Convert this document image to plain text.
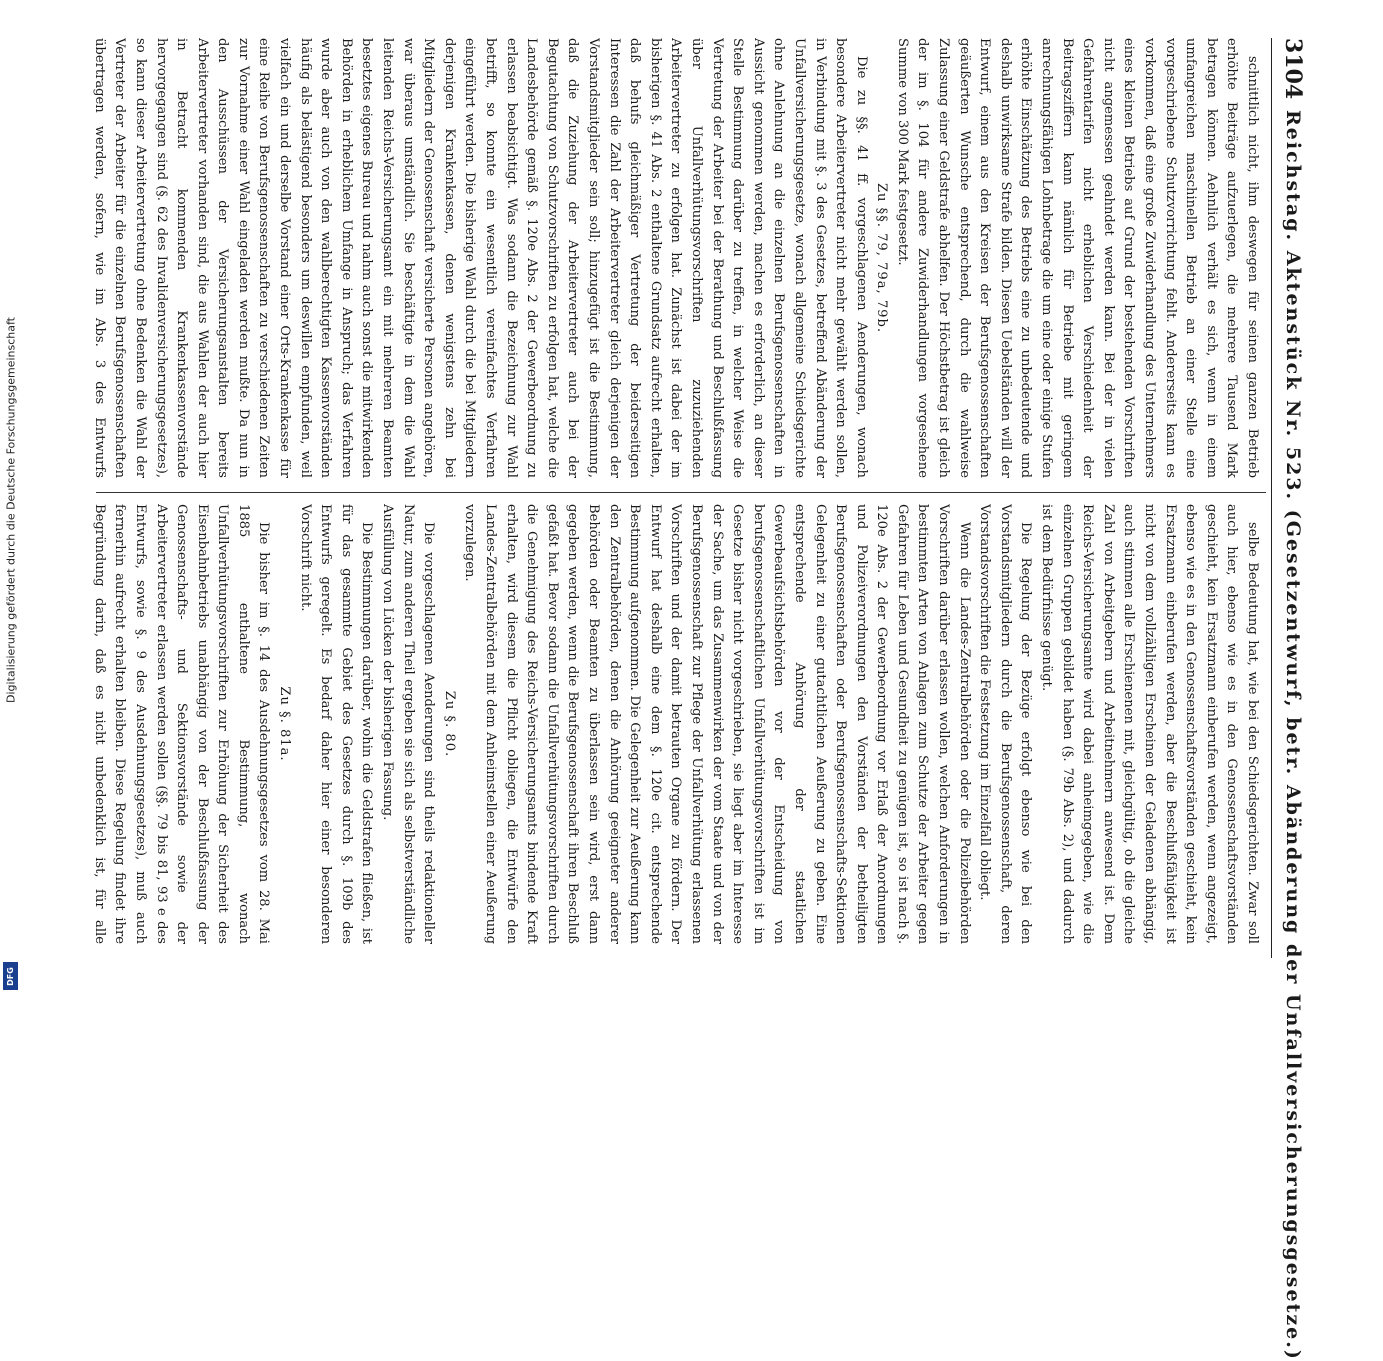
Digitalisierung gefördert durch die Deutsche Forschungsgemeinschaft
DFG
3104
Reichstag. Aktenstück Nr. 523. (Gesetzentwurf, betr. Abänderung der Unfallversicherungsgesetze.)

schnittlich nicht, ihm deswegen für seinen ganzen Betrieb erhöhte Beiträge aufzuerlegen, die mehrere Tausend Mark betragen können. Aehnlich verhält es sich, wenn in einem umfangreichen maschinellen Betrieb an einer Stelle eine vorgeschriebene Schutzvorrichtung fehlt. Andererseits kann es vorkommen, daß eine große Zuwiderhandlung des Unternehmers eines kleinen Betriebs auf Grund der bestehenden Vorschriften nicht angemessen geahndet werden kann. Bei der in vielen Gefahrentarifen nicht erheblichen Verschiedenheit der Beitragsziffern kann nämlich für Betriebe mit geringem anrechnungsfähigen Lohnbetrage die um eine oder einige Stufen erhöhte Einschätzung des Betriebs eine zu unbedeutende und deshalb unwirksame Strafe bilden. Diesen Uebelständen will der Entwurf, einem aus den Kreisen der Berufsgenossenschaften geäußerten Wunsche entsprechend, durch die wahlweise Zulassung einer Geldstrafe abhelfen. Der Höchstbetrag ist gleich der im §. 104 für andere Zuwiderhandlungen vorgesehene Summe von 300 Mark festgesetzt.

Zu §§. 79, 79a, 79b.

Die zu §§. 41 ff. vorgeschlagenen Aenderungen, wonach besondere Arbeitervertreter nicht mehr gewählt werden sollen, in Verbindung mit §. 3 des Gesetzes, betreffend Abänderung der Unfallversicherungsgesetze, wonach allgemeine Schiedsgerichte ohne Anlehnung an die einzelnen Berufsgenossenschaften in Aussicht genommen werden, machen es erforderlich, an dieser Stelle Bestimmung darüber zu treffen, in welcher Weise die Vertretung der Arbeiter bei der Berathung und Beschlußfassung über Unfallverhütungsvorschriften zuzuziehenden Arbeitervertreter zu erfolgen hat. Zunächst ist dabei der im bisherigen §. 41 Abs. 2 enthaltene Grundsatz aufrecht erhalten, daß behufs gleichmäßiger Vertretung der beiderseitigen Interessen die Zahl der Arbeitervertreter gleich derjenigen der Vorstandsmitglieder sein soll; hinzugefügt ist die Bestimmung, daß die Zuziehung der Arbeitervertreter auch bei der Begutachtung von Schutzvorschriften zu erfolgen hat, welche die Landesbehörde gemäß §. 120e Abs. 2 der Gewerbeordnung zu erlassen beabsichtigt. Was sodann die Bezeichnung zur Wahl betrifft, so konnte ein wesentlich vereinfachtes Verfahren eingeführt werden. Die bisherige Wahl durch die bei Mitgliedern derjenigen Krankenkassen, denen wenigstens zehn bei Mitgliedern der Genossenschaft versicherte Personen angehören, war überaus umständlich. Sie beschäftigte in dem die Wahl leitenden Reichs-Versicherungsamt ein mit mehreren Beamten besetztes eigenes Bureau und nahm auch sonst die mitwirkenden Behörden in erheblichem Umfange in Anspruch; das Verfahren wurde aber auch von den wahlberechtigten Kassenvorständen häufig als belästigend besonders um deswillen empfunden, weil vielfach ein und derselbe Vorstand einer Orts-Krankenkasse für eine Reihe von Berufsgenossenschaften zu verschiedenen Zeiten zur Vornahme einer Wahl eingeladen werden mußte. Da nun in den Ausschüssen der Versicherungsanstalten bereits Arbeitervertreter vorhanden sind, die aus Wahlen der auch hier in Betracht kommenden Krankenkassenvorstände hervorgegangen sind (§. 62 des Invalidenversicherungsgesetzes), so kann dieser Arbeitervertretung ohne Bedenken die Wahl der Vertreter der Arbeiter für die einzelnen Berufsgenossenschaften übertragen werden, sofern, wie im Abs. 3 des Entwurfs

selbe Bedeutung hat, wie bei den Schiedsgerichten. Zwar soll auch hier, ebenso wie es in den Genossenschaftsvorständen geschieht, kein Ersatzmann einberufen werden, wenn angezeigt, ebenso wie es in den Genossenschaftsvorständen geschieht, kein Ersatzmann einberufen werden, aber die Beschlußfähigkeit ist nicht von dem vollzähligen Erscheinen der Geladenen abhängig, auch stimmen alle Erschienenen mit, gleichgültig, ob die gleiche Zahl von Arbeitgebern und Arbeitnehmern anwesend ist. Dem Reichs-Versicherungsamte wird dabei anheimgegeben, wie die einzelnen Gruppen gebildet haben (§. 79b Abs. 2), und dadurch ist dem Bedürfnisse genügt.

Die Regelung der Bezüge erfolgt ebenso wie bei den Vorstandsmitgliedern durch die Berufsgenossenschaft, deren Vorstandsvorschriften die Festsetzung im Einzelfall obliegt.

Wenn die Landes-Zentralbehörden oder die Polizeibehörden Vorschriften darüber erlassen wollen, welchen Anforderungen in bestimmten Arten von Anlagen zum Schutze der Arbeiter gegen Gefahren für Leben und Gesundheit zu genügen ist, so ist nach §. 120e Abs. 2 der Gewerbeordnung vor Erlaß der Anordnungen und Polizeiverordnungen den Vorständen der betheiligten Berufsgenossenschaften oder Berufsgenossenschafts-Sektionen Gelegenheit zu einer gutachtlichen Aeußerung zu geben. Eine entsprechende Anhörung der staatlichen Gewerbeaufsichtsbehörden vor der Entscheidung von berufsgenossenschaftlichen Unfallverhütungsvorschriften ist im Gesetze bisher nicht vorgeschrieben, sie liegt aber im Interesse der Sache, um das Zusammenwirken der vom Staate und von der Berufsgenossenschaft zur Pflege der Unfallverhütung erlassenen Vorschriften und der damit betrauten Organe zu fördern. Der Entwurf hat deshalb eine dem §. 120e cit. entsprechende Bestimmung aufgenommen. Die Gelegenheit zur Aeußerung kann den Zentralbehörden, denen die Anhörung geeigneter anderer Behörden oder Beamten zu überlassen sein wird, erst dann gegeben werden, wenn die Berufsgenossenschaft ihren Beschluß gefaßt hat. Bevor sodann die Unfallverhütungsvorschriften durch die Genehmigung des Reichs-Versicherungsamts bindende Kraft erhalten, wird diesem die Pflicht obliegen, die Entwürfe den Landes-Zentralbehörden mit dem Anheimstellen einer Aeußerung vorzulegen.

Zu §. 80.

Die vorgeschlagenen Aenderungen sind theils redaktioneller Natur, zum anderen Theil ergeben sie sich als selbstverständliche Ausfüllung von Lücken der bisherigen Fassung.

Die Bestimmungen darüber, wohin die Geldstrafen fließen, ist für das gesammte Gebiet des Gesetzes durch §. 109b des Entwurfs geregelt. Es bedarf daher hier einer besonderen Vorschrift nicht.

Zu §. 81a.

Die bisher im §. 14 des Ausdehnungsgesetzes vom 28. Mai 1885 enthaltene Bestimmung, wonach Unfallverhütungsvorschriften zur Erhöhung der Sicherheit des Eisenbahnbetriebs unabhängig von der Beschlußfassung der Genossenschafts- und Sektionsvorstände sowie der Arbeitervertreter erlassen werden sollen (§§. 79 bis 81, 93 e des Entwurfs, sowie §. 9 des Ausdehnungsgesetzes), muß auch fernerhin aufrecht erhalten bleiben. Diese Regelung findet ihre Begründung darin, daß es nicht unbedenklich ist, für alle
